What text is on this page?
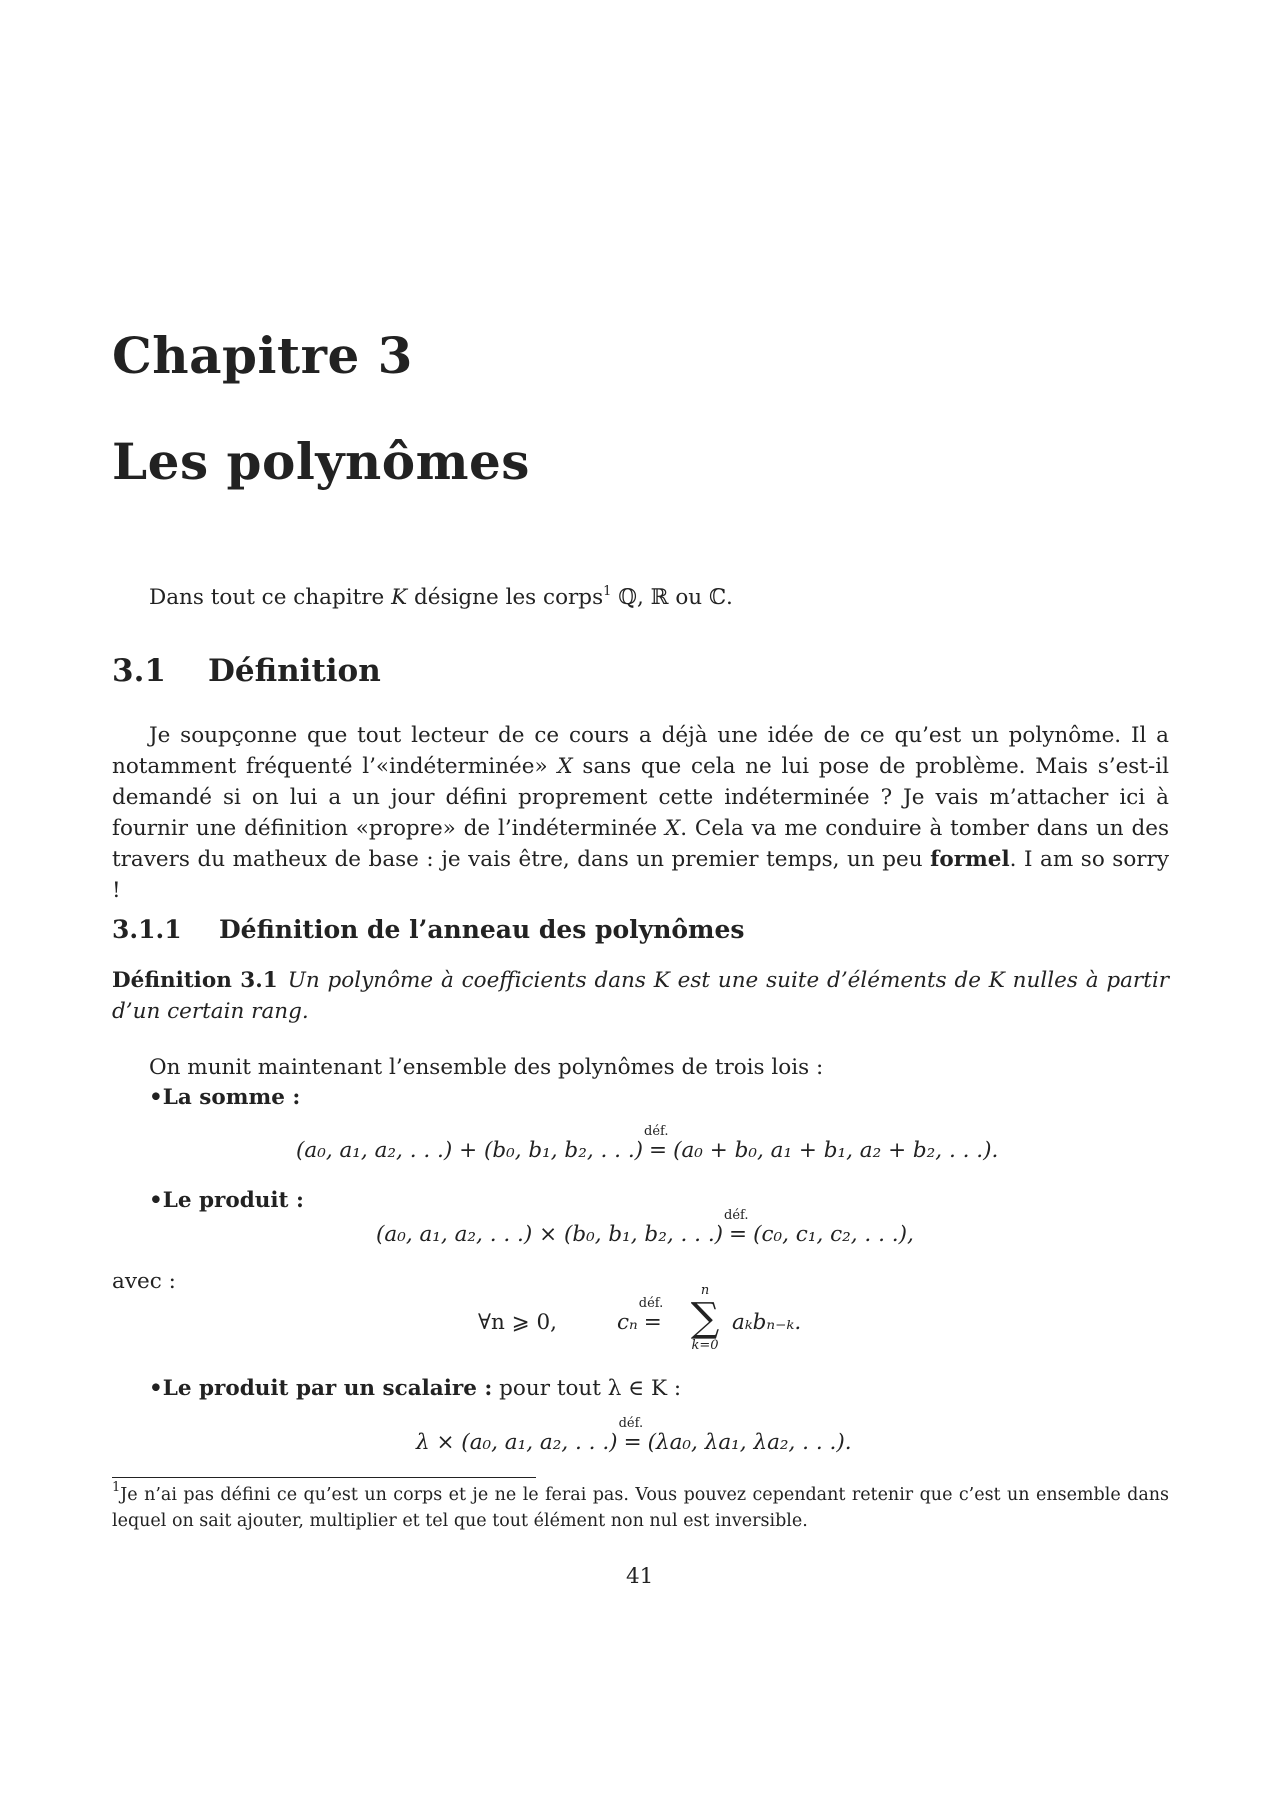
Chapitre 3
Les polynômes

Dans tout ce chapitre K désigne les corps$^1$ ℚ, ℝ ou ℂ.

3.1 Définition

Je soupçonne que tout lecteur de ce cours a déjà une idée de ce qu’est un polynôme. Il a notamment fréquenté l’«indéterminée» X sans que cela ne lui pose de problème. Mais s’est-il demandé si on lui a un jour défini proprement cette indéterminée ? Je vais m’attacher ici à fournir une définition «propre» de l’indéterminée X. Cela va me conduire à tomber dans un des travers du matheux de base : je vais être, dans un premier temps, un peu formel. I am so sorry !

3.1.1 Définition de l’anneau des polynômes

Définition 3.1 Un polynôme à coefficients dans K est une suite d’éléments de K nulles à partir d’un certain rang.

On munit maintenant l’ensemble des polynômes de trois lois :

•La somme :

(a₀, a₁, a₂, . . .) + (b₀, b₁, b₂, . . .)
déf.
= (a₀ + b₀, a₁ + b₁, a₂ + b₂, . . .).

•Le produit :

(a₀, a₁, a₂, . . .) × (b₀, b₁, b₂, . . .)
déf.
= (c₀, c₁, c₂, . . .),

avec :

∀n ⩾ 0,	cₙ
déf.
=
n
∑
k=0
aₖbₙ₋ₖ.

•Le produit par un scalaire : pour tout λ ∈ K :

λ × (a₀, a₁, a₂, . . .)
déf.
= (λa₀, λa₁, λa₂, . . .).

$^1$Je n’ai pas défini ce qu’est un corps et je ne le ferai pas. Vous pouvez cependant retenir que c’est un ensemble dans lequel on sait ajouter, multiplier et tel que tout élément non nul est inversible.

41
